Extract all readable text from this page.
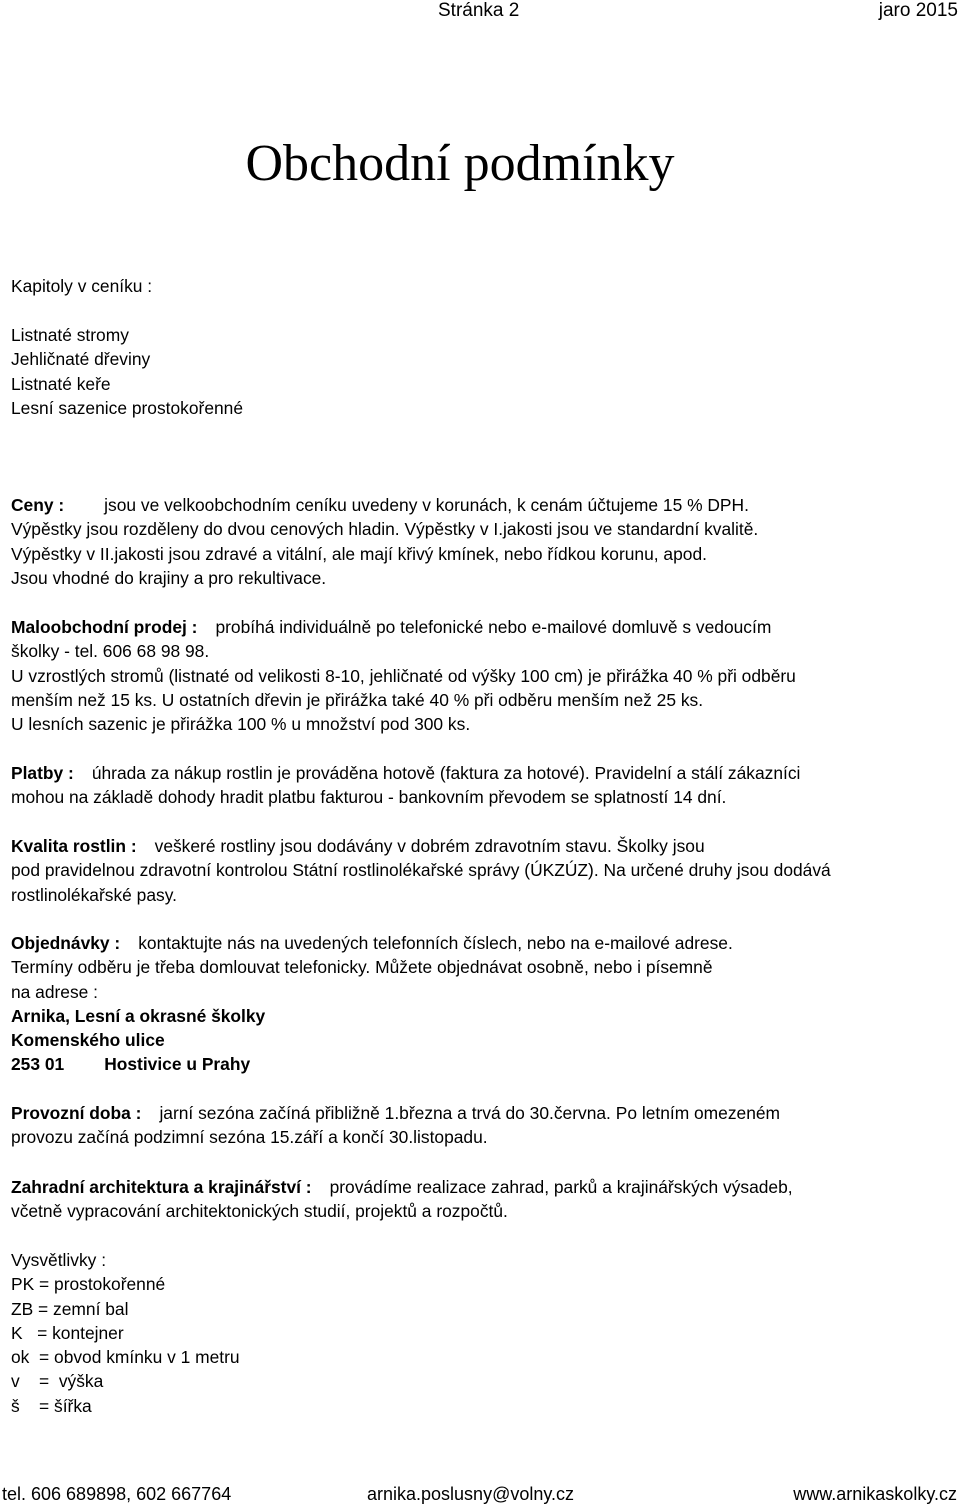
Stránka 2	jaro 2015
Obchodní podmínky

Kapitoly v ceníku :

Listnaté stromy

Jehličnaté dřeviny

Listnaté keře

Lesní sazenice prostokořenné

Ceny : jsou ve velkoobchodním ceníku uvedeny v korunách, k cenám účtujeme 15 % DPH.

Výpěstky jsou rozděleny do dvou cenových hladin. Výpěstky v I.jakosti jsou ve standardní kvalitě.

Výpěstky v II.jakosti jsou zdravé a vitální, ale mají křivý kmínek, nebo řídkou korunu, apod.

Jsou vhodné do krajiny a pro rekultivace.

Maloobchodní prodej : probíhá individuálně po telefonické nebo e-mailové domluvě s vedoucím

školky - tel. 606 68 98 98.

U vzrostlých stromů (listnaté od velikosti 8-10, jehličnaté od výšky 100 cm) je přirážka 40 % při odběru

menším než 15 ks. U ostatních dřevin je přirážka také 40 % při odběru menším než 25 ks.

U lesních sazenic je přirážka 100 % u množství pod 300 ks.

Platby : úhrada za nákup rostlin je prováděna hotově (faktura za hotové). Pravidelní a stálí zákazníci

mohou na základě dohody hradit platbu fakturou - bankovním převodem se splatností 14 dní.

Kvalita rostlin : veškeré rostliny jsou dodávány v dobrém zdravotním stavu. Školky jsou

pod pravidelnou zdravotní kontrolou Státní rostlinolékařské správy (ÚKZÚZ). Na určené druhy jsou dodává

rostlinolékařské pasy.

Objednávky : kontaktujte nás na uvedených telefonních číslech, nebo na e-mailové adrese.

Termíny odběru je třeba domlouvat telefonicky. Můžete objednávat osobně, nebo i písemně

na adrese :

Arnika, Lesní a okrasné školky

Komenského ulice

253 01 Hostivice u Prahy

Provozní doba : jarní sezóna začíná přibližně 1.března a trvá do 30.června. Po letním omezeném

provozu začíná podzimní sezóna 15.září a končí 30.listopadu.

Zahradní architektura a krajinářství : provádíme realizace zahrad, parků a krajinářských výsadeb,

včetně vypracování architektonických studií, projektů a rozpočtů.

Vysvětlivky :

PK = prostokořenné

ZB = zemní bal

K   = kontejner

ok  = obvod kmínku v 1 metru

v    =  výška

š    = šířka

tel. 606 689898, 602 667764	arnika.poslusny@volny.cz	www.arnikaskolky.cz
